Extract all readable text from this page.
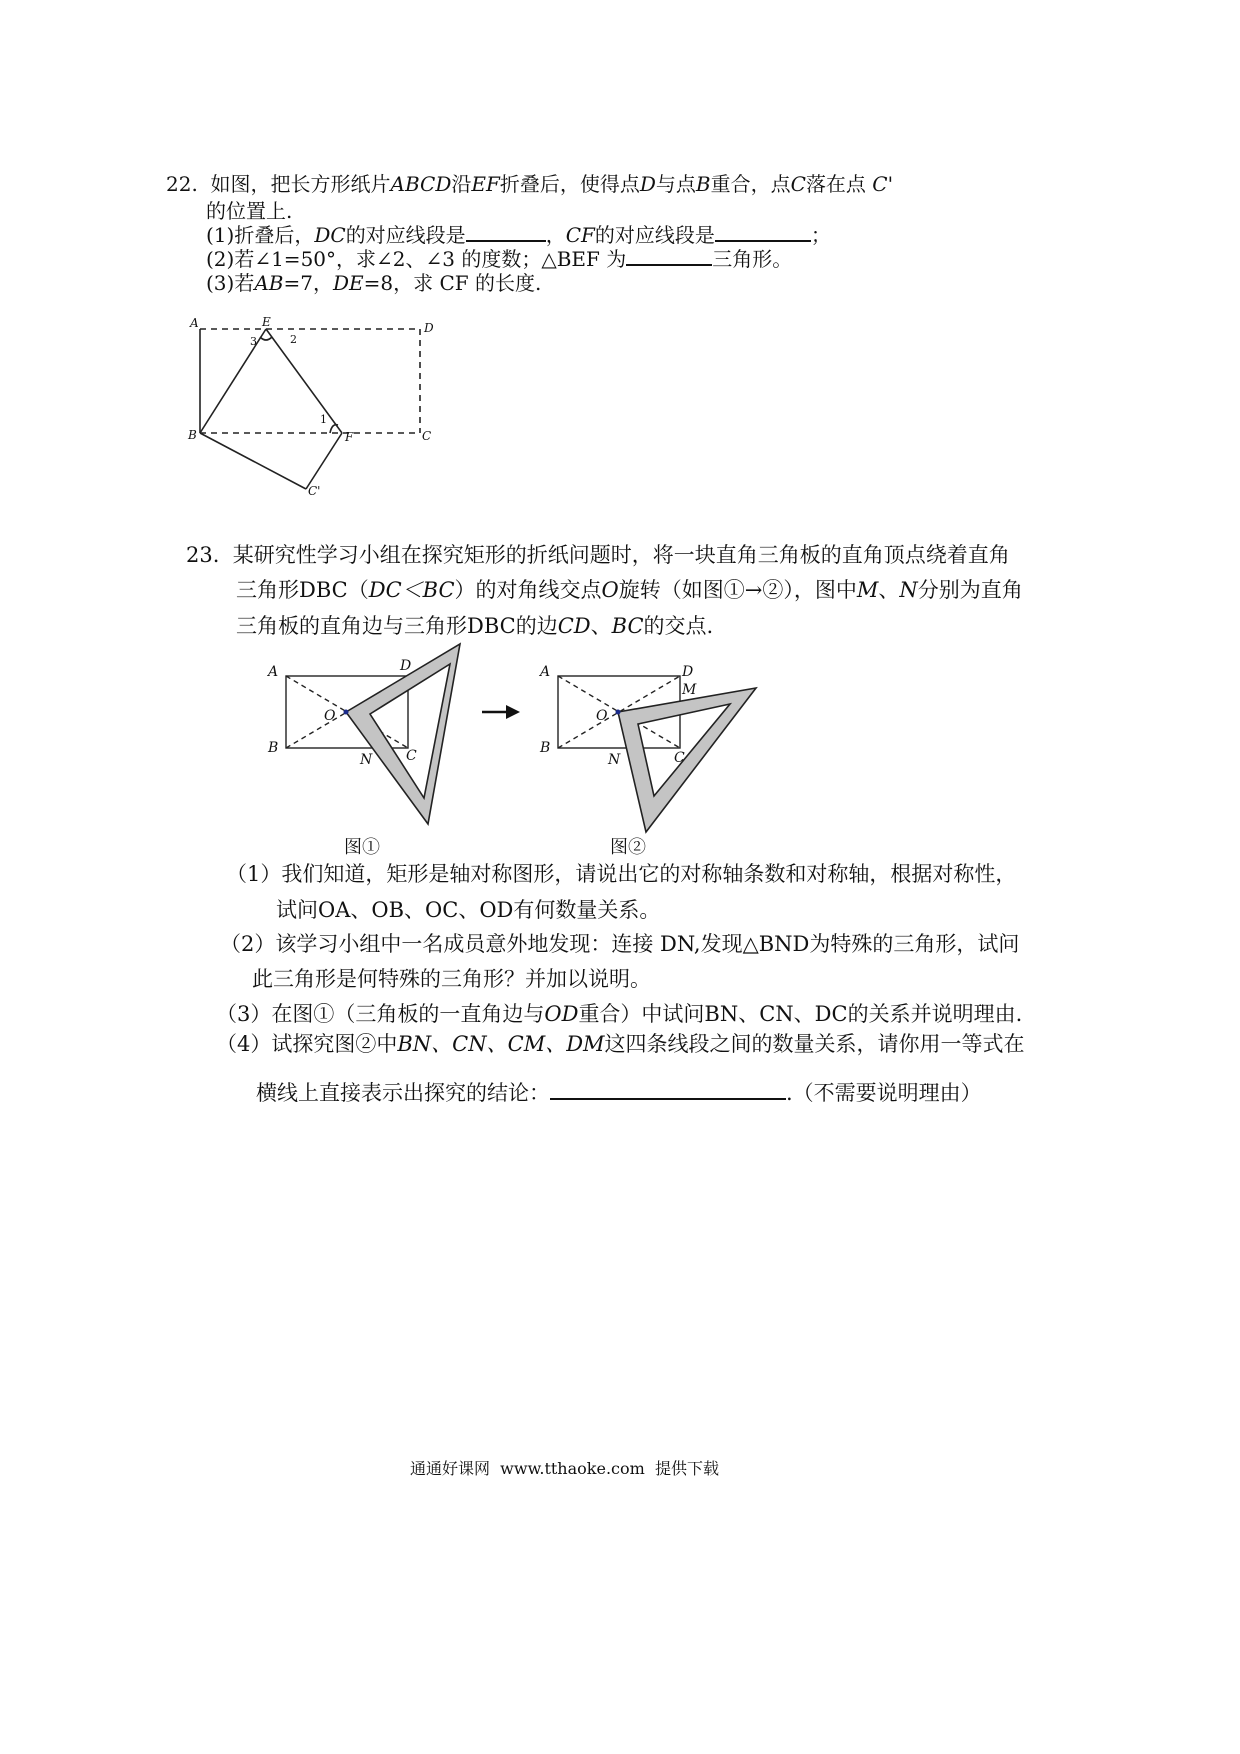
22. 如图，把长方形纸片ABCD沿EF折叠后，使得点D与点B重合，点C落在点 C'
的位置上.
(1)折叠后，DC的对应线段是	，CF的对应线段是	；
(2)若∠1=50°，求∠2、∠3 的度数；△BEF 为	三角形。
(3)若AB=7，DE=8，求 CF 的长度.
A	E	D
B	F	C
C'
1
2
3
23. 某研究性学习小组在探究矩形的折纸问题时，将一块直角三角板的直角顶点绕着直角
三角形DBC（DC＜BC）的对角线交点O旋转（如图①→②），图中M、N分别为直角
三角板的直角边与三角形DBC的边CD、BC的交点.
A
B
D
O
N C
A
B
D
M
O
N	C
图①	图②
（1）我们知道，矩形是轴对称图形，请说出它的对称轴条数和对称轴，根据对称性，
试问OA、OB、OC、OD有何数量关系。
（2）该学习小组中一名成员意外地发现：连接 DN,发现△BND为特殊的三角形，试问
此三角形是何特殊的三角形？并加以说明。
（3）在图①（三角板的一直角边与OD重合）中试问BN、CN、DC的关系并说明理由.
（4）试探究图②中BN、CN、CM、DM这四条线段之间的数量关系，请你用一等式在
横线上直接表示出探究的结论：	.（不需要说明理由）
通通好课网  www.tthaoke.com  提供下载
